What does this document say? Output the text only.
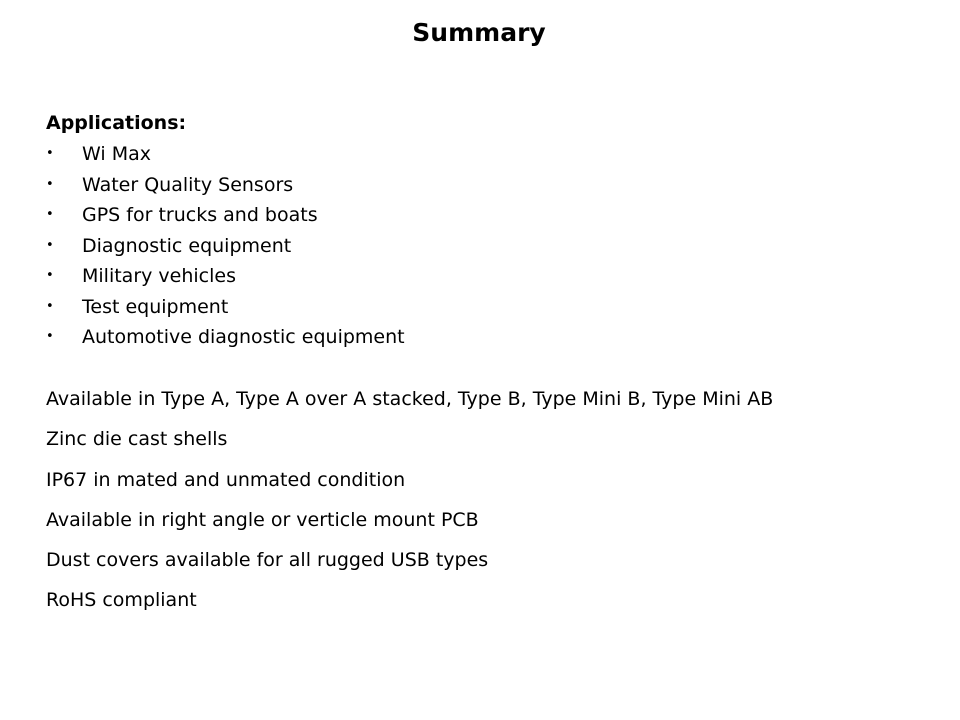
Summary
Applications:
• Wi Max
• Water Quality Sensors
• GPS for trucks and boats
• Diagnostic equipment
• Military vehicles
• Test equipment
• Automotive diagnostic equipment
Available in Type A, Type A over A stacked, Type B, Type Mini B, Type Mini AB
Zinc die cast shells
IP67 in mated and unmated condition
Available in right angle or verticle mount PCB
Dust covers available for all rugged USB types
RoHS compliant
